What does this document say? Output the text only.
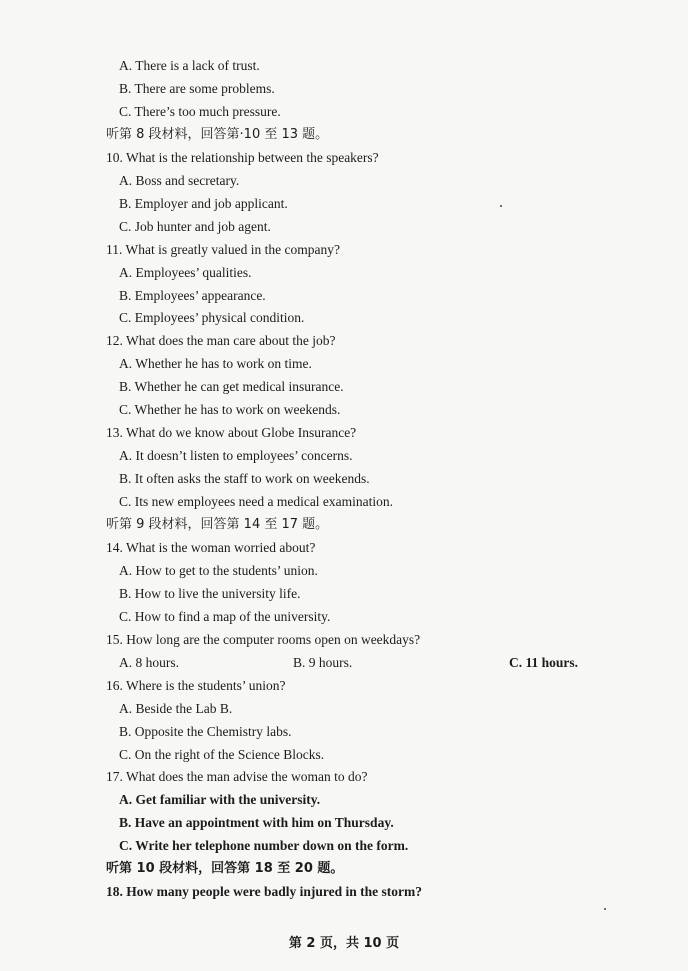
A. There is a lack of trust.
B. There are some problems.
C. There’s too much pressure.
听第 8 段材料，回答第·10 至 13 题。
10. What is the relationship between the speakers?
A. Boss and secretary.
B. Employer and job applicant.
C. Job hunter and job agent.
11. What is greatly valued in the company?
A. Employees’ qualities.
B. Employees’ appearance.
C. Employees’ physical condition.
12. What does the man care about the job?
A. Whether he has to work on time.
B. Whether he can get medical insurance.
C. Whether he has to work on weekends.
13. What do we know about Globe Insurance?
A. It doesn’t listen to employees’ concerns.
B. It often asks the staff to work on weekends.
C. Its new employees need a medical examination.
听第 9 段材料，回答第 14 至 17 题。
14. What is the woman worried about?
A. How to get to the students’ union.
B. How to live the university life.
C. How to find a map of the university.
15. How long are the computer rooms open on weekdays?
A. 8 hours.	B. 9 hours.	C. 11 hours.
16. Where is the students’ union?
A. Beside the Lab B.
B. Opposite the Chemistry labs.
C. On the right of the Science Blocks.
17. What does the man advise the woman to do?
A. Get familiar with the university.
B. Have an appointment with him on Thursday.
C. Write her telephone number down on the form.
听第 10 段材料，回答第 18 至 20 题。
18. How many people were badly injured in the storm?
第 2 页，共 10 页
